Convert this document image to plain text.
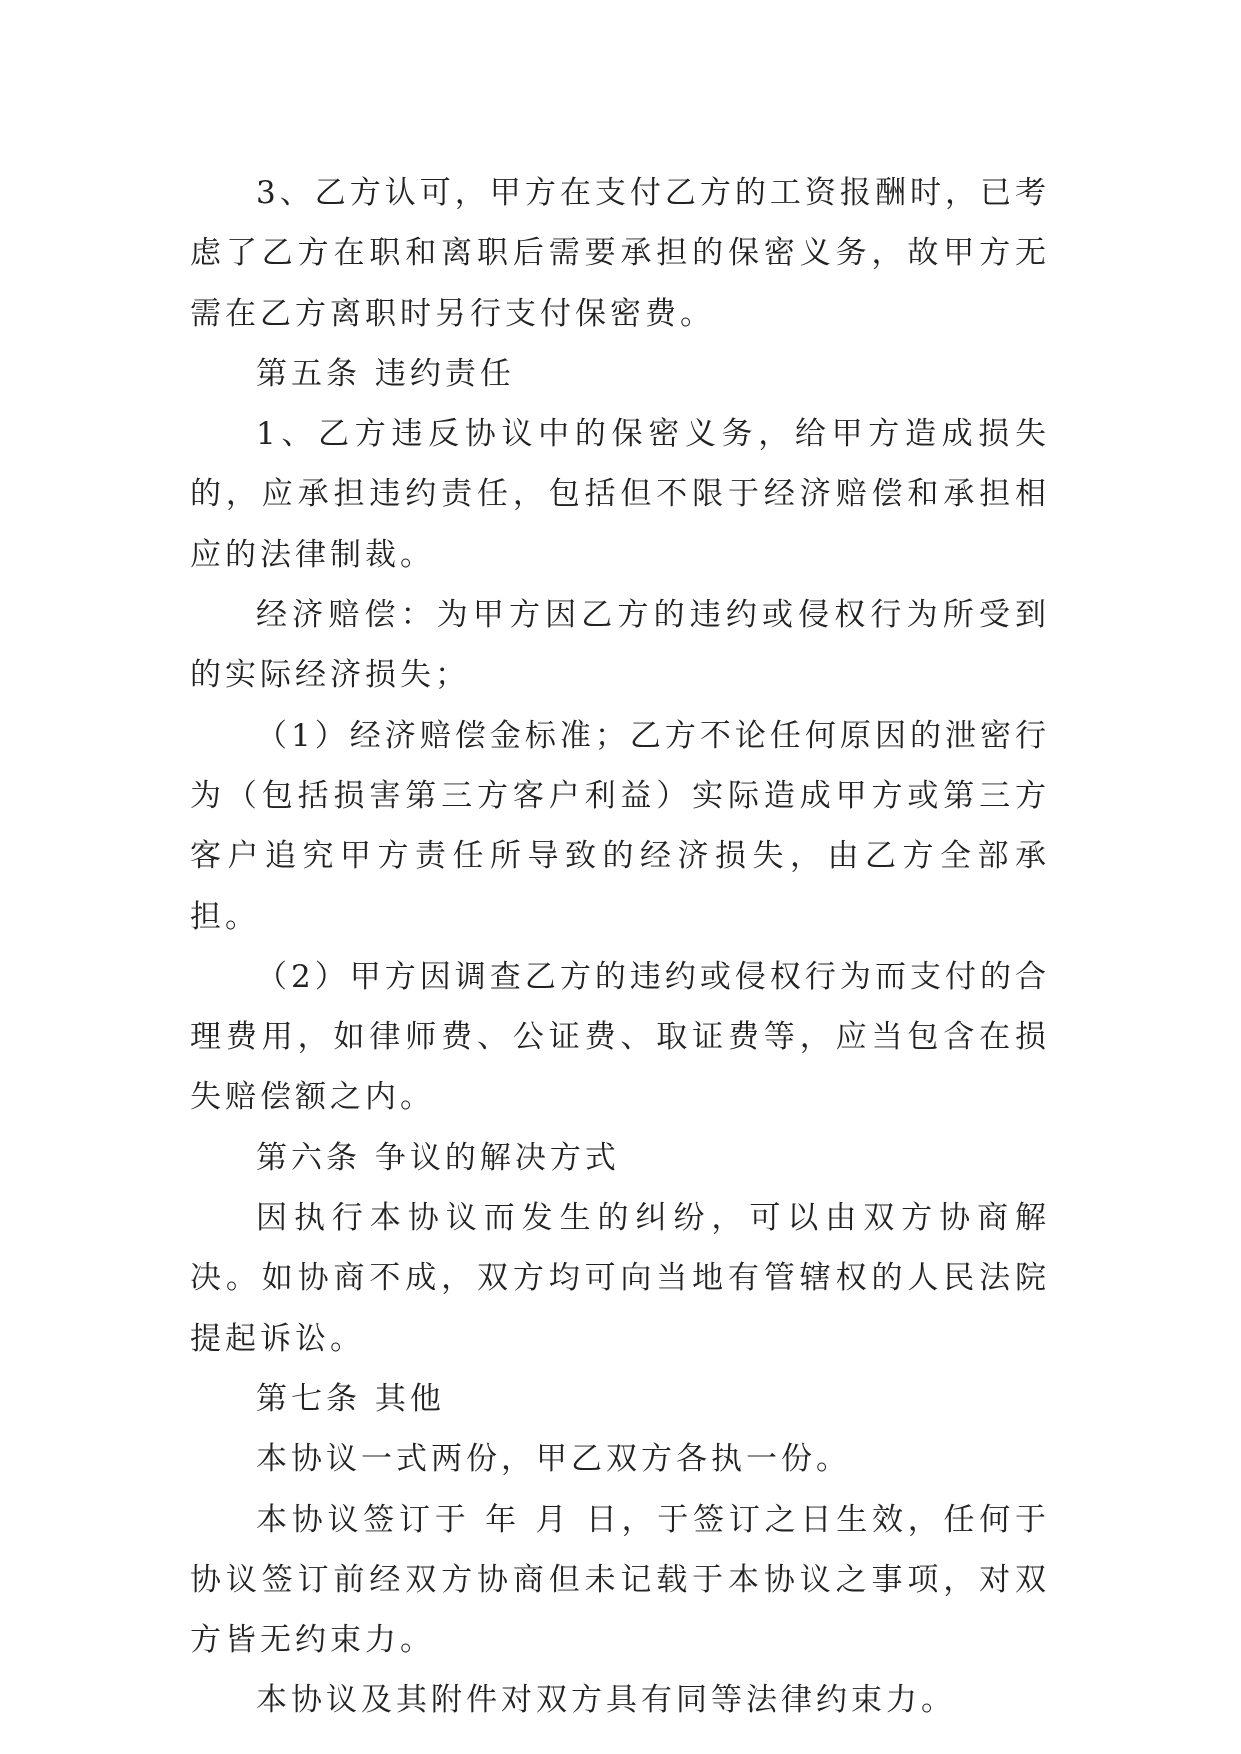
3、乙方认可，甲方在支付乙方的工资报酬时，已考虑了乙方在职和离职后需要承担的保密义务，故甲方无需在乙方离职时另行支付保密费。

第五条 违约责任

1、乙方违反协议中的保密义务，给甲方造成损失的，应承担违约责任，包括但不限于经济赔偿和承担相应的法律制裁。

经济赔偿：为甲方因乙方的违约或侵权行为所受到的实际经济损失；

（1）经济赔偿金标准；乙方不论任何原因的泄密行为（包括损害第三方客户利益）实际造成甲方或第三方客户追究甲方责任所导致的经济损失，由乙方全部承担。

（2）甲方因调查乙方的违约或侵权行为而支付的合理费用，如律师费、公证费、取证费等，应当包含在损失赔偿额之内。

第六条 争议的解决方式

因执行本协议而发生的纠纷，可以由双方协商解决。如协商不成，双方均可向当地有管辖权的人民法院提起诉讼。

第七条 其他

本协议一式两份，甲乙双方各执一份。

本协议签订于 年 月 日，于签订之日生效，任何于协议签订前经双方协商但未记载于本协议之事项，对双方皆无约束力。

本协议及其附件对双方具有同等法律约束力。
